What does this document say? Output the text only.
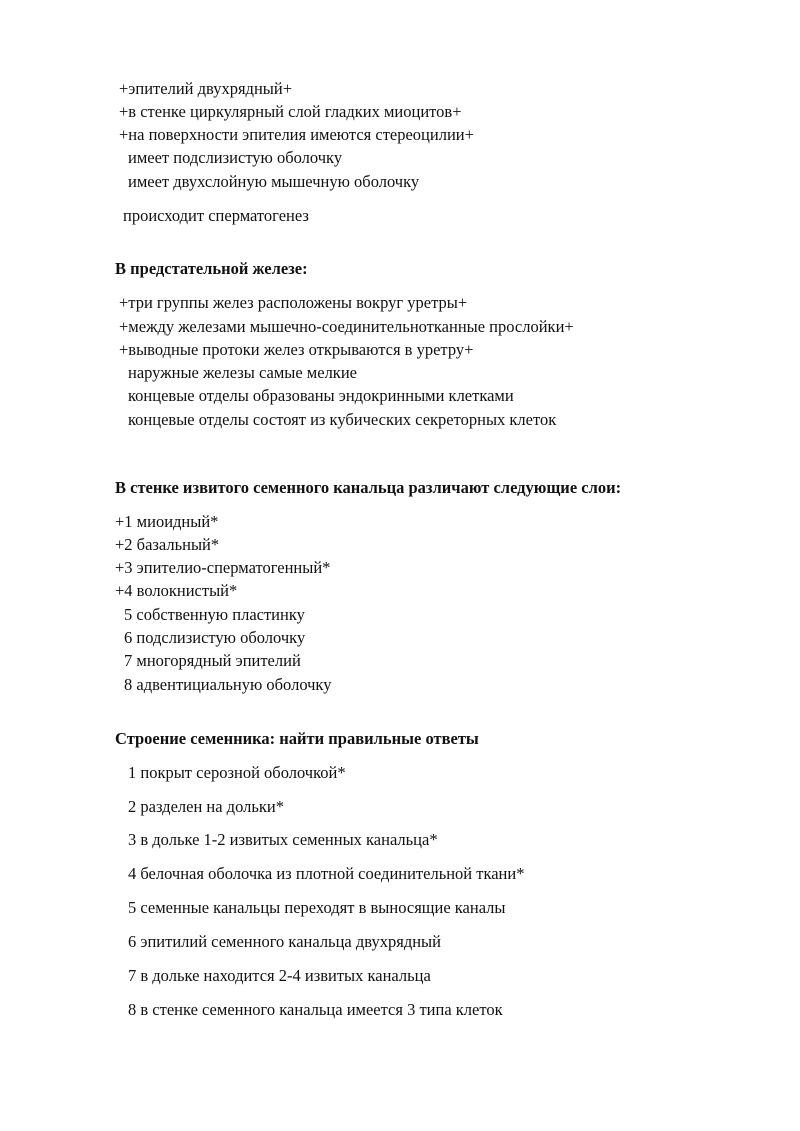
+эпителий двухрядный+
+в стенке циркулярный слой гладких миоцитов+
+на поверхности эпителия имеются стереоцилии+
имеет подслизистую оболочку
имеет двухслойную мышечную оболочку
происходит сперматогенез
В предстательной железе:
+три группы желез расположены вокруг уретры+
+между железами мышечно-соединительнотканные прослойки+
+выводные протоки желез открываются в уретру+
наружные железы самые мелкие
концевые отделы образованы эндокринными клетками
концевые отделы состоят из кубических секреторных клеток
В стенке извитого семенного канальца различают следующие слои:
+1 миоидный*
+2 базальный*
+3 эпителио-сперматогенный*
+4 волокнистый*
5 собственную пластинку
6 подслизистую оболочку
7 многорядный эпителий
8 адвентициальную оболочку
Строение семенника: найти правильные ответы
1 покрыт серозной оболочкой*
2 разделен на дольки*
3 в дольке 1-2 извитых семенных канальца*
4 белочная оболочка из плотной соединительной ткани*
5 семенные канальцы переходят в выносящие каналы
6 эпитилий семенного канальца двухрядный
7 в дольке находится 2-4 извитых канальца
8 в стенке семенного канальца имеется 3 типа клеток
